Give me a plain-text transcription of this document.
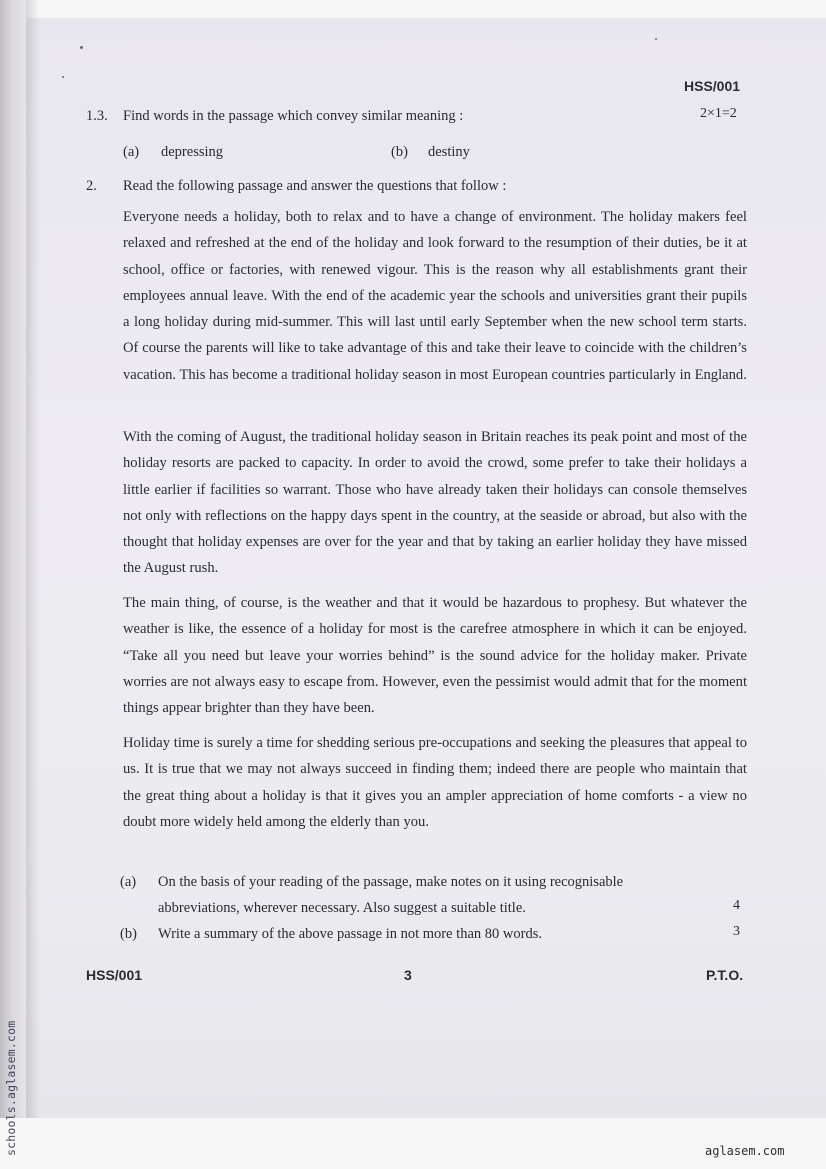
HSS/001
1.3. Find words in the passage which convey similar meaning :	2×1=2
(a) depressing	(b) destiny
2. Read the following passage and answer the questions that follow :
Everyone needs a holiday, both to relax and to have a change of environment. The holiday makers feel relaxed and refreshed at the end of the holiday and look forward to the resumption of their duties, be it at school, office or factories, with renewed vigour. This is the reason why all establishments grant their employees annual leave. With the end of the academic year the schools and universities grant their pupils a long holiday during mid-summer. This will last until early September when the new school term starts. Of course the parents will like to take advantage of this and take their leave to coincide with the children’s vacation. This has become a traditional holiday season in most European countries particularly in England.
With the coming of August, the traditional holiday season in Britain reaches its peak point and most of the holiday resorts are packed to capacity. In order to avoid the crowd, some prefer to take their holidays a little earlier if facilities so warrant. Those who have already taken their holidays can console themselves not only with reflections on the happy days spent in the country, at the seaside or abroad, but also with the thought that holiday expenses are over for the year and that by taking an earlier holiday they have missed the August rush.
The main thing, of course, is the weather and that it would be hazardous to prophesy. But whatever the weather is like, the essence of a holiday for most is the carefree atmosphere in which it can be enjoyed. “Take all you need but leave your worries behind” is the sound advice for the holiday maker. Private worries are not always easy to escape from. However, even the pessimist would admit that for the moment things appear brighter than they have been.
Holiday time is surely a time for shedding serious pre-occupations and seeking the pleasures that appeal to us. It is true that we may not always succeed in finding them; indeed there are people who maintain that the great thing about a holiday is that it gives you an ampler appreciation of home comforts - a view no doubt more widely held among the elderly than you.
(a) On the basis of your reading of the passage, make notes on it using recognisable
abbreviations, wherever necessary. Also suggest a suitable title.	4
(b) Write a summary of the above passage in not more than 80 words.	3
HSS/001	3	P.T.O.
schools.aglasem.com	aglasem.com
